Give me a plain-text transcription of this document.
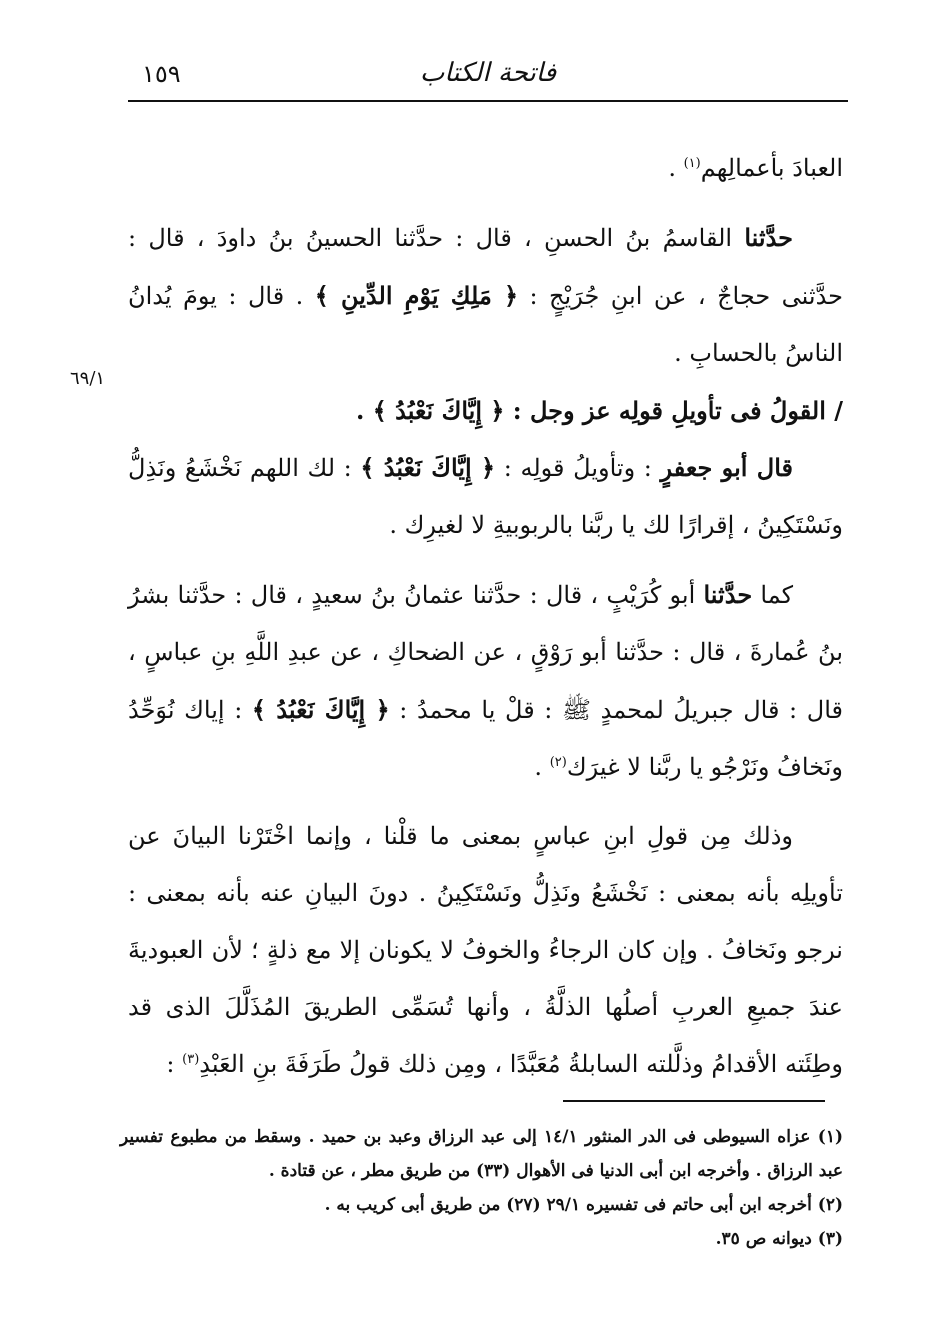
١٥٩	فاتحة الكتاب
٦٩/١

العبادَ بأعمالِهم$^{(١)}$ .

حدَّثنا القاسمُ بنُ الحسنِ ، قال : حدَّثنا الحسينُ بنُ داودَ ، قال : حدَّثنى حجاجٌ ، عن ابنِ جُرَيْجٍ : ﴿ مَلِكِ يَوْمِ الدِّينِ ﴾ . قال : يومَ يُدانُ الناسُ بالحسابِ .

/ القولُ فى تأويلِ قولِه عز وجل : ﴿ إِيَّاكَ نَعْبُدُ ﴾ .

قال أبو جعفرٍ : وتأويلُ قولِه : ﴿ إِيَّاكَ نَعْبُدُ ﴾ : لك اللهم نَخْشَعُ ونَذِلُّ ونَسْتَكِينُ ، إقرارًا لك يا ربَّنا بالربوبيةِ لا لغيرِك .

كما حدَّثنا أبو كُرَيْبٍ ، قال : حدَّثنا عثمانُ بنُ سعيدٍ ، قال : حدَّثنا بشرُ بنُ عُمارةَ ، قال : حدَّثنا أبو رَوْقٍ ، عن الضحاكِ ، عن عبدِ اللَّهِ بنِ عباسٍ ، قال : قال جبريلُ لمحمدٍ ﷺ : قلْ يا محمدُ : ﴿ إِيَّاكَ نَعْبُدُ ﴾ : إياك نُوَحِّدُ ونَخافُ ونَرْجُو يا ربَّنا لا غيرَك$^{(٢)}$ .

وذلك مِن قولِ ابنِ عباسٍ بمعنى ما قلْنا ، وإنما اخْتَرْنا البيانَ عن تأويلِه بأنه بمعنى : نَخْشَعُ ونَذِلُّ ونَسْتَكِينُ . دونَ البيانِ عنه بأنه بمعنى : نرجو ونَخافُ . وإن كان الرجاءُ والخوفُ لا يكونان إلا مع ذلةٍ ؛ لأن العبوديةَ عندَ جميعِ العربِ أصلُها الذلَّةُ ، وأنها تُسَمِّى الطريقَ المُذَلَّلَ الذى قد وطِئَته الأقدامُ وذلَّلته السابلةُ مُعَبَّدًا ، ومِن ذلك قولُ طَرَفَةَ بنِ العَبْدِ$^{(٣)}$ :

(١) عزاه السيوطى فى الدر المنثور ١٤/١ إلى عبد الرزاق وعبد بن حميد . وسقط من مطبوع تفسير عبد الرزاق . وأخرجه ابن أبى الدنيا فى الأهوال (٣٣) من طريق مطر ، عن قتادة .

(٢) أخرجه ابن أبى حاتم فى تفسيره ٢٩/١ (٢٧) من طريق أبى كريب به .

(٣) ديوانه ص ٣٥.
